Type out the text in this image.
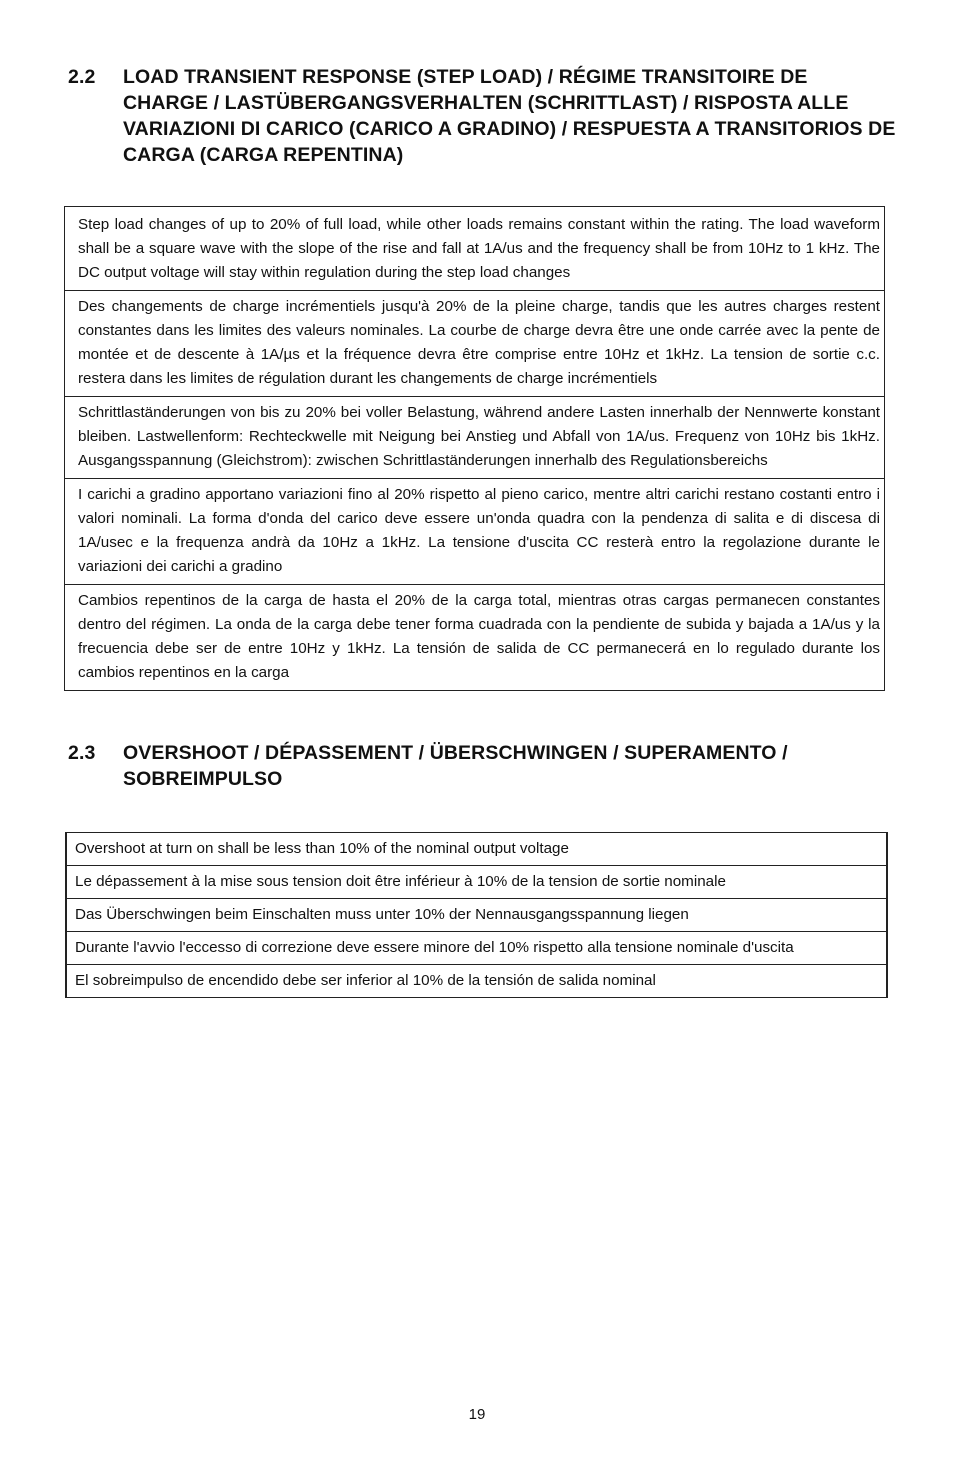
2.2	LOAD TRANSIENT RESPONSE (STEP LOAD) / RÉGIME TRANSITOIRE DE CHARGE / LASTÜBERGANGSVERHALTEN (SCHRITTLAST) / RISPOSTA ALLE VARIAZIONI DI CARICO (CARICO A GRADINO) / RESPUESTA A TRANSITORIOS DE CARGA (CARGA REPENTINA)
Step load changes of up to 20% of full load, while other loads remains constant within the rating. The load waveform shall be a square wave with the slope of the rise and fall at 1A/us and the frequency shall be from 10Hz to 1 kHz. The DC output voltage will stay within regulation during the step load changes
Des changements de charge incrémentiels jusqu'à 20% de la pleine charge, tandis que les autres charges restent constantes dans les limites des valeurs nominales. La courbe de charge devra être une onde carrée avec la pente de montée et de descente à 1A/µs et la fréquence devra être comprise entre 10Hz et 1kHz. La tension de sortie c.c. restera dans les limites de régulation durant les changements de charge incrémentiels
Schrittlaständerungen von bis zu 20% bei voller Belastung, während andere Lasten innerhalb der Nennwerte konstant bleiben. Lastwellenform: Rechteckwelle mit Neigung bei Anstieg und Abfall von 1A/us. Frequenz von 10Hz bis 1kHz. Ausgangsspannung (Gleichstrom): zwischen Schrittlaständerungen innerhalb des Regulationsbereichs
I carichi a gradino apportano variazioni fino al 20% rispetto al pieno carico, mentre altri carichi restano costanti entro i valori nominali. La forma d'onda del carico deve essere un'onda quadra con la pendenza di salita e di discesa di 1A/usec e la frequenza andrà da 10Hz a 1kHz. La tensione d'uscita CC resterà entro la regolazione durante le variazioni dei carichi a gradino
Cambios repentinos de la carga de hasta el 20% de la carga total, mientras otras cargas permanecen constantes dentro del régimen. La onda de la carga debe tener forma cuadrada con la pendiente de subida y bajada a 1A/us y la frecuencia debe ser de entre 10Hz y 1kHz. La tensión de salida de CC permanecerá en lo regulado durante los cambios repentinos en la carga
2.3	OVERSHOOT / DÉPASSEMENT / ÜBERSCHWINGEN / SUPERAMENTO / SOBREIMPULSO
Overshoot at turn on shall be less than 10% of the nominal output voltage
Le dépassement à la mise sous tension doit être inférieur à 10% de la tension de sortie nominale
Das Überschwingen beim Einschalten muss unter 10% der Nennausgangsspannung liegen
Durante l'avvio l'eccesso di correzione deve essere minore del 10% rispetto alla tensione nominale d'uscita
El sobreimpulso de encendido debe ser inferior al 10% de la tensión de salida nominal
19
